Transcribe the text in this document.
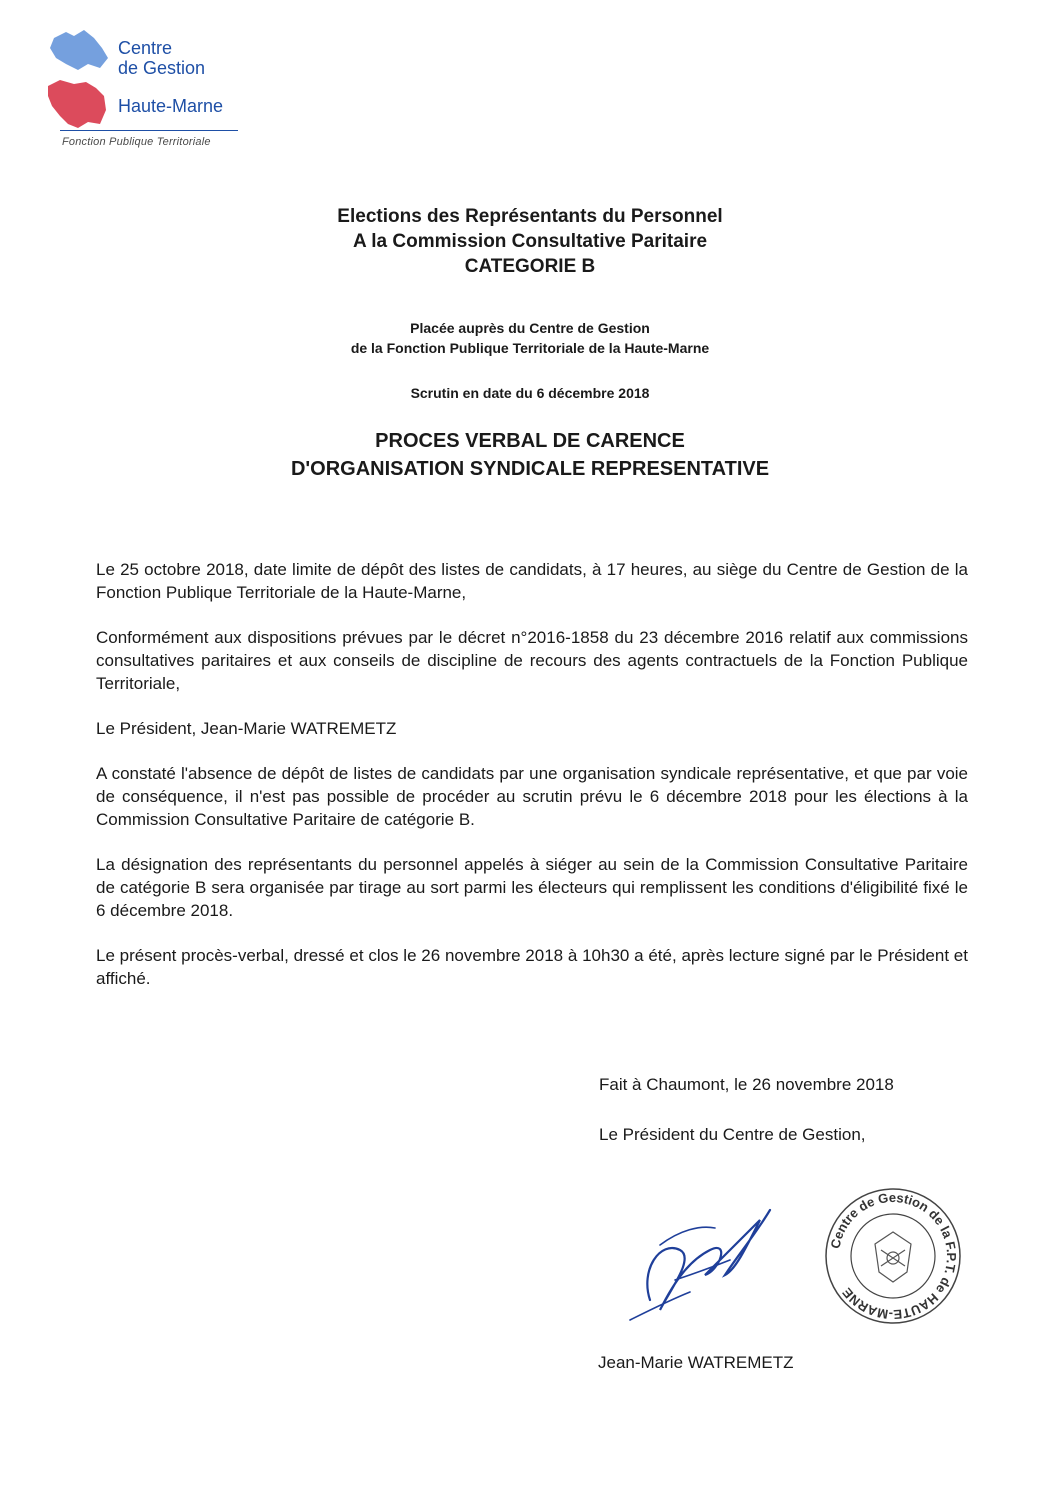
Centre
de Gestion
Haute-Marne
Fonction Publique Territoriale
Elections des Représentants du Personnel
A la Commission Consultative Paritaire
CATEGORIE B
Placée auprès du Centre de Gestion
de la Fonction Publique Territoriale de la Haute-Marne
Scrutin en date du 6 décembre 2018
PROCES VERBAL DE CARENCE
D'ORGANISATION SYNDICALE REPRESENTATIVE

Le 25 octobre 2018, date limite de dépôt des listes de candidats, à 17 heures, au siège du Centre de Gestion de la Fonction Publique Territoriale de la Haute-Marne,

Conformément aux dispositions prévues par le décret n°2016-1858 du 23 décembre 2016 relatif aux commissions consultatives paritaires et aux conseils de discipline de recours des agents contractuels de la Fonction Publique Territoriale,

Le Président, Jean-Marie WATREMETZ

A constaté l'absence de dépôt de listes de candidats par une organisation syndicale représentative, et que par voie de conséquence, il n'est pas possible de procéder au scrutin prévu le 6 décembre 2018 pour les élections à la Commission Consultative Paritaire de catégorie B.

La désignation des représentants du personnel appelés à siéger au sein de la Commission Consultative Paritaire de catégorie B sera organisée par tirage au sort parmi les électeurs qui remplissent les conditions d'éligibilité fixé le 6 décembre 2018.

Le présent procès-verbal, dressé et clos le 26 novembre 2018 à 10h30 a été, après lecture signé par le Président et affiché.

Fait à Chaumont, le 26 novembre 2018
Le Président du Centre de Gestion,
Centre de Gestion de la F.P.T. de HAUTE-MARNE
Jean-Marie WATREMETZ
